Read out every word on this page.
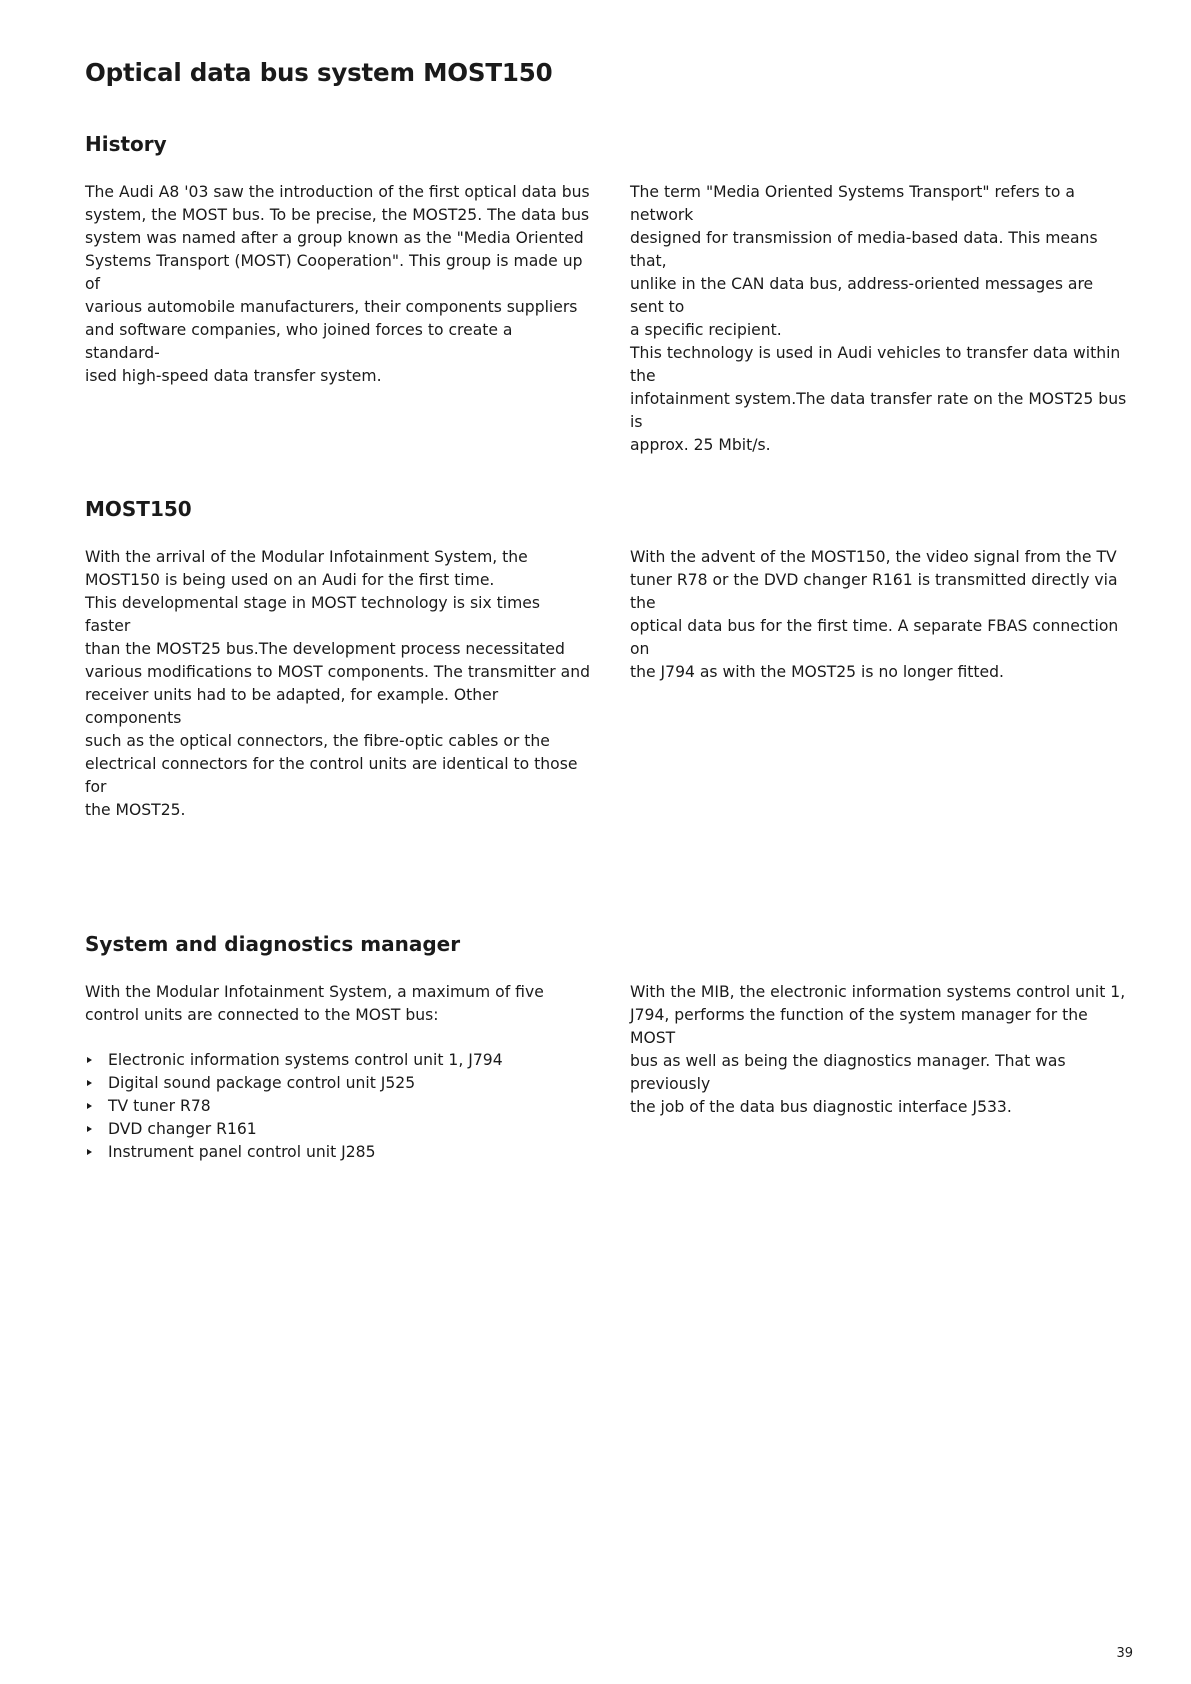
Optical data bus system MOST150
History

The Audi A8 '03 saw the introduction of the first optical data bus
system, the MOST bus. To be precise, the MOST25. The data bus
system was named after a group known as the "Media Oriented
Systems Transport (MOST) Cooperation". This group is made up of
various automobile manufacturers, their components suppliers
and software companies, who joined forces to create a standard-
ised high-speed data transfer system.

The term "Media Oriented Systems Transport" refers to a network
designed for transmission of media-based data. This means that,
unlike in the CAN data bus, address-oriented messages are sent to
a specific recipient.
This technology is used in Audi vehicles to transfer data within the
infotainment system.The data transfer rate on the MOST25 bus is
approx. 25 Mbit/s.

MOST150

With the arrival of the Modular Infotainment System, the
MOST150 is being used on an Audi for the first time.
This developmental stage in MOST technology is six times faster
than the MOST25 bus.The development process necessitated
various modifications to MOST components. The transmitter and
receiver units had to be adapted, for example. Other components
such as the optical connectors, the fibre-optic cables or the
electrical connectors for the control units are identical to those for
the MOST25.

With the advent of the MOST150, the video signal from the TV
tuner R78 or the DVD changer R161 is transmitted directly via the
optical data bus for the first time. A separate FBAS connection on
the J794 as with the MOST25 is no longer fitted.

System and diagnostics manager

With the Modular Infotainment System, a maximum of five
control units are connected to the MOST bus:

Electronic information systems control unit 1, J794
Digital sound package control unit J525
TV tuner R78
DVD changer R161
Instrument panel control unit J285

With the MIB, the electronic information systems control unit 1,
J794, performs the function of the system manager for the MOST
bus as well as being the diagnostics manager. That was previously
the job of the data bus diagnostic interface J533.

39
